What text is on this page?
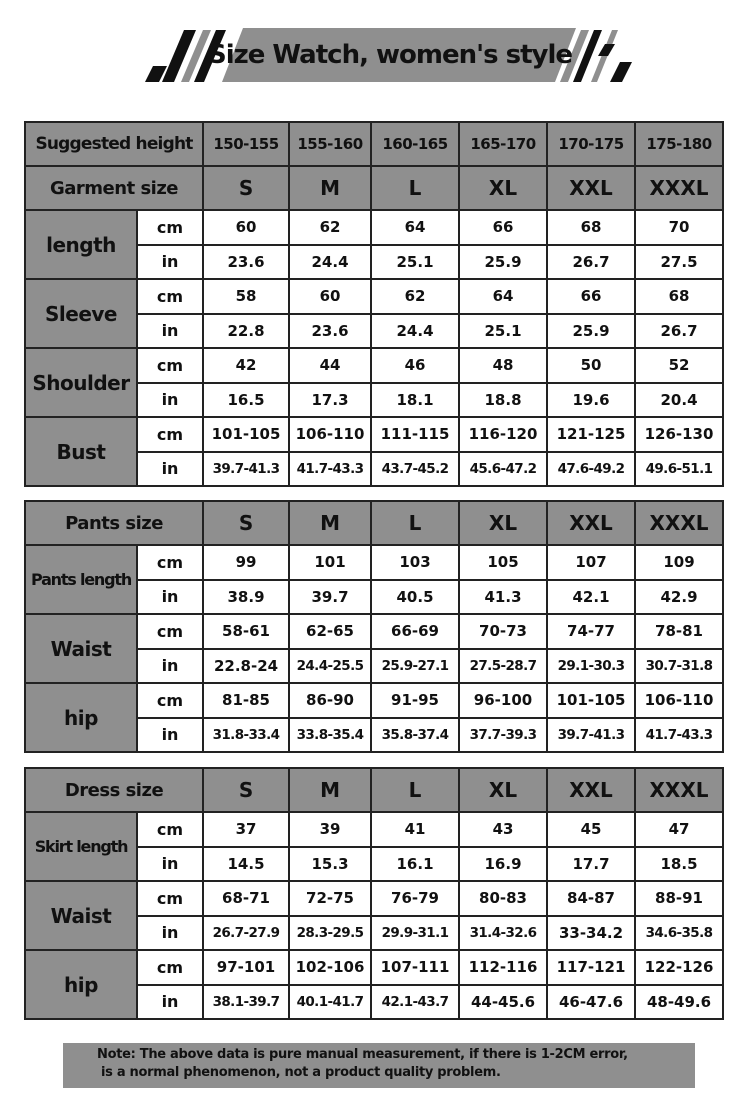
Size Watch, women's style
Suggested height		150-155	155-160	160-165	165-170	170-175	175-180
Garment size		S	M	L	XL	XXL	XXXL
length	cm	60	62	64	66	68	70
	in	23.6	24.4	25.1	25.9	26.7	27.5
Sleeve	cm	58	60	62	64	66	68
	in	22.8	23.6	24.4	25.1	25.9	26.7
Shoulder	cm	42	44	46	48	50	52
	in	16.5	17.3	18.1	18.8	19.6	20.4
Bust	cm	101-105	106-110	111-115	116-120	121-125	126-130
	in	39.7-41.3	41.7-43.3	43.7-45.2	45.6-47.2	47.6-49.2	49.6-51.1
Pants size		S	M	L	XL	XXL	XXXL
Pants length	cm	99	101	103	105	107	109
	in	38.9	39.7	40.5	41.3	42.1	42.9
Waist	cm	58-61	62-65	66-69	70-73	74-77	78-81
	in	22.8-24	24.4-25.5	25.9-27.1	27.5-28.7	29.1-30.3	30.7-31.8
hip	cm	81-85	86-90	91-95	96-100	101-105	106-110
	in	31.8-33.4	33.8-35.4	35.8-37.4	37.7-39.3	39.7-41.3	41.7-43.3
Dress size		S	M	L	XL	XXL	XXXL
Skirt length	cm	37	39	41	43	45	47
	in	14.5	15.3	16.1	16.9	17.7	18.5
Waist	cm	68-71	72-75	76-79	80-83	84-87	88-91
	in	26.7-27.9	28.3-29.5	29.9-31.1	31.4-32.6	33-34.2	34.6-35.8
hip	cm	97-101	102-106	107-111	112-116	117-121	122-126
	in	38.1-39.7	40.1-41.7	42.1-43.7	44-45.6	46-47.6	48-49.6
Note: The above data is pure manual measurement, if there is 1-2CM error,
is a normal phenomenon, not a product quality problem.
